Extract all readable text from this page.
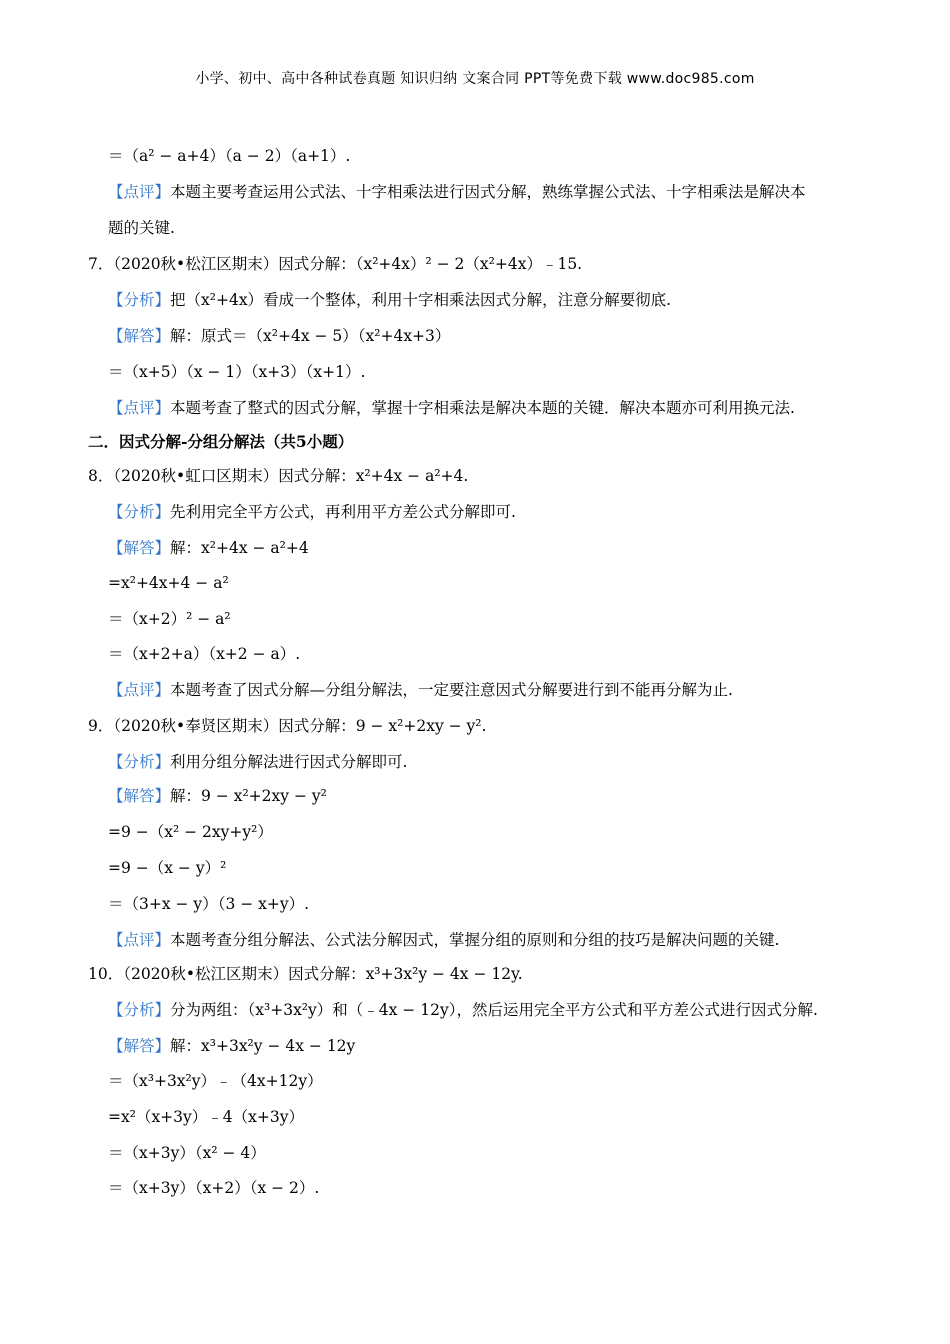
小学、初中、高中各种试卷真题 知识归纳 文案合同 PPT等免费下载 www.doc985.com
＝（a² − a+4）（a − 2）（a+1）.
【点评】本题主要考查运用公式法、十字相乘法进行因式分解，熟练掌握公式法、十字相乘法是解决本
题的关键.
7．（2020秋•松江区期末）因式分解：（x²+4x）² − 2（x²+4x）﹣15.
【分析】把（x²+4x）看成一个整体，利用十字相乘法因式分解，注意分解要彻底.
【解答】解：原式＝（x²+4x − 5）（x²+4x+3）
＝（x+5）（x − 1）（x+3）（x+1）.
【点评】本题考查了整式的因式分解，掌握十字相乘法是解决本题的关键．解决本题亦可利用换元法.
二．因式分解-分组分解法（共5小题）
8．（2020秋•虹口区期末）因式分解：x²+4x − a²+4.
【分析】先利用完全平方公式，再利用平方差公式分解即可.
【解答】解：x²+4x − a²+4
=x²+4x+4 − a²
＝（x+2）² − a²
＝（x+2+a）（x+2 − a）.
【点评】本题考查了因式分解—分组分解法，一定要注意因式分解要进行到不能再分解为止.
9．（2020秋•奉贤区期末）因式分解：9 − x²+2xy − y².
【分析】利用分组分解法进行因式分解即可.
【解答】解：9 − x²+2xy − y²
=9 −（x² − 2xy+y²）
=9 −（x − y）²
＝（3+x − y）（3 − x+y）.
【点评】本题考查分组分解法、公式法分解因式，掌握分组的原则和分组的技巧是解决问题的关键.
10．（2020秋•松江区期末）因式分解：x³+3x²y − 4x − 12y.
【分析】分为两组：（x³+3x²y）和（﹣4x − 12y），然后运用完全平方公式和平方差公式进行因式分解.
【解答】解：x³+3x²y − 4x − 12y
＝（x³+3x²y）﹣（4x+12y）
=x²（x+3y）﹣4（x+3y）
＝（x+3y）（x² − 4）
＝（x+3y）（x+2）（x − 2）.
